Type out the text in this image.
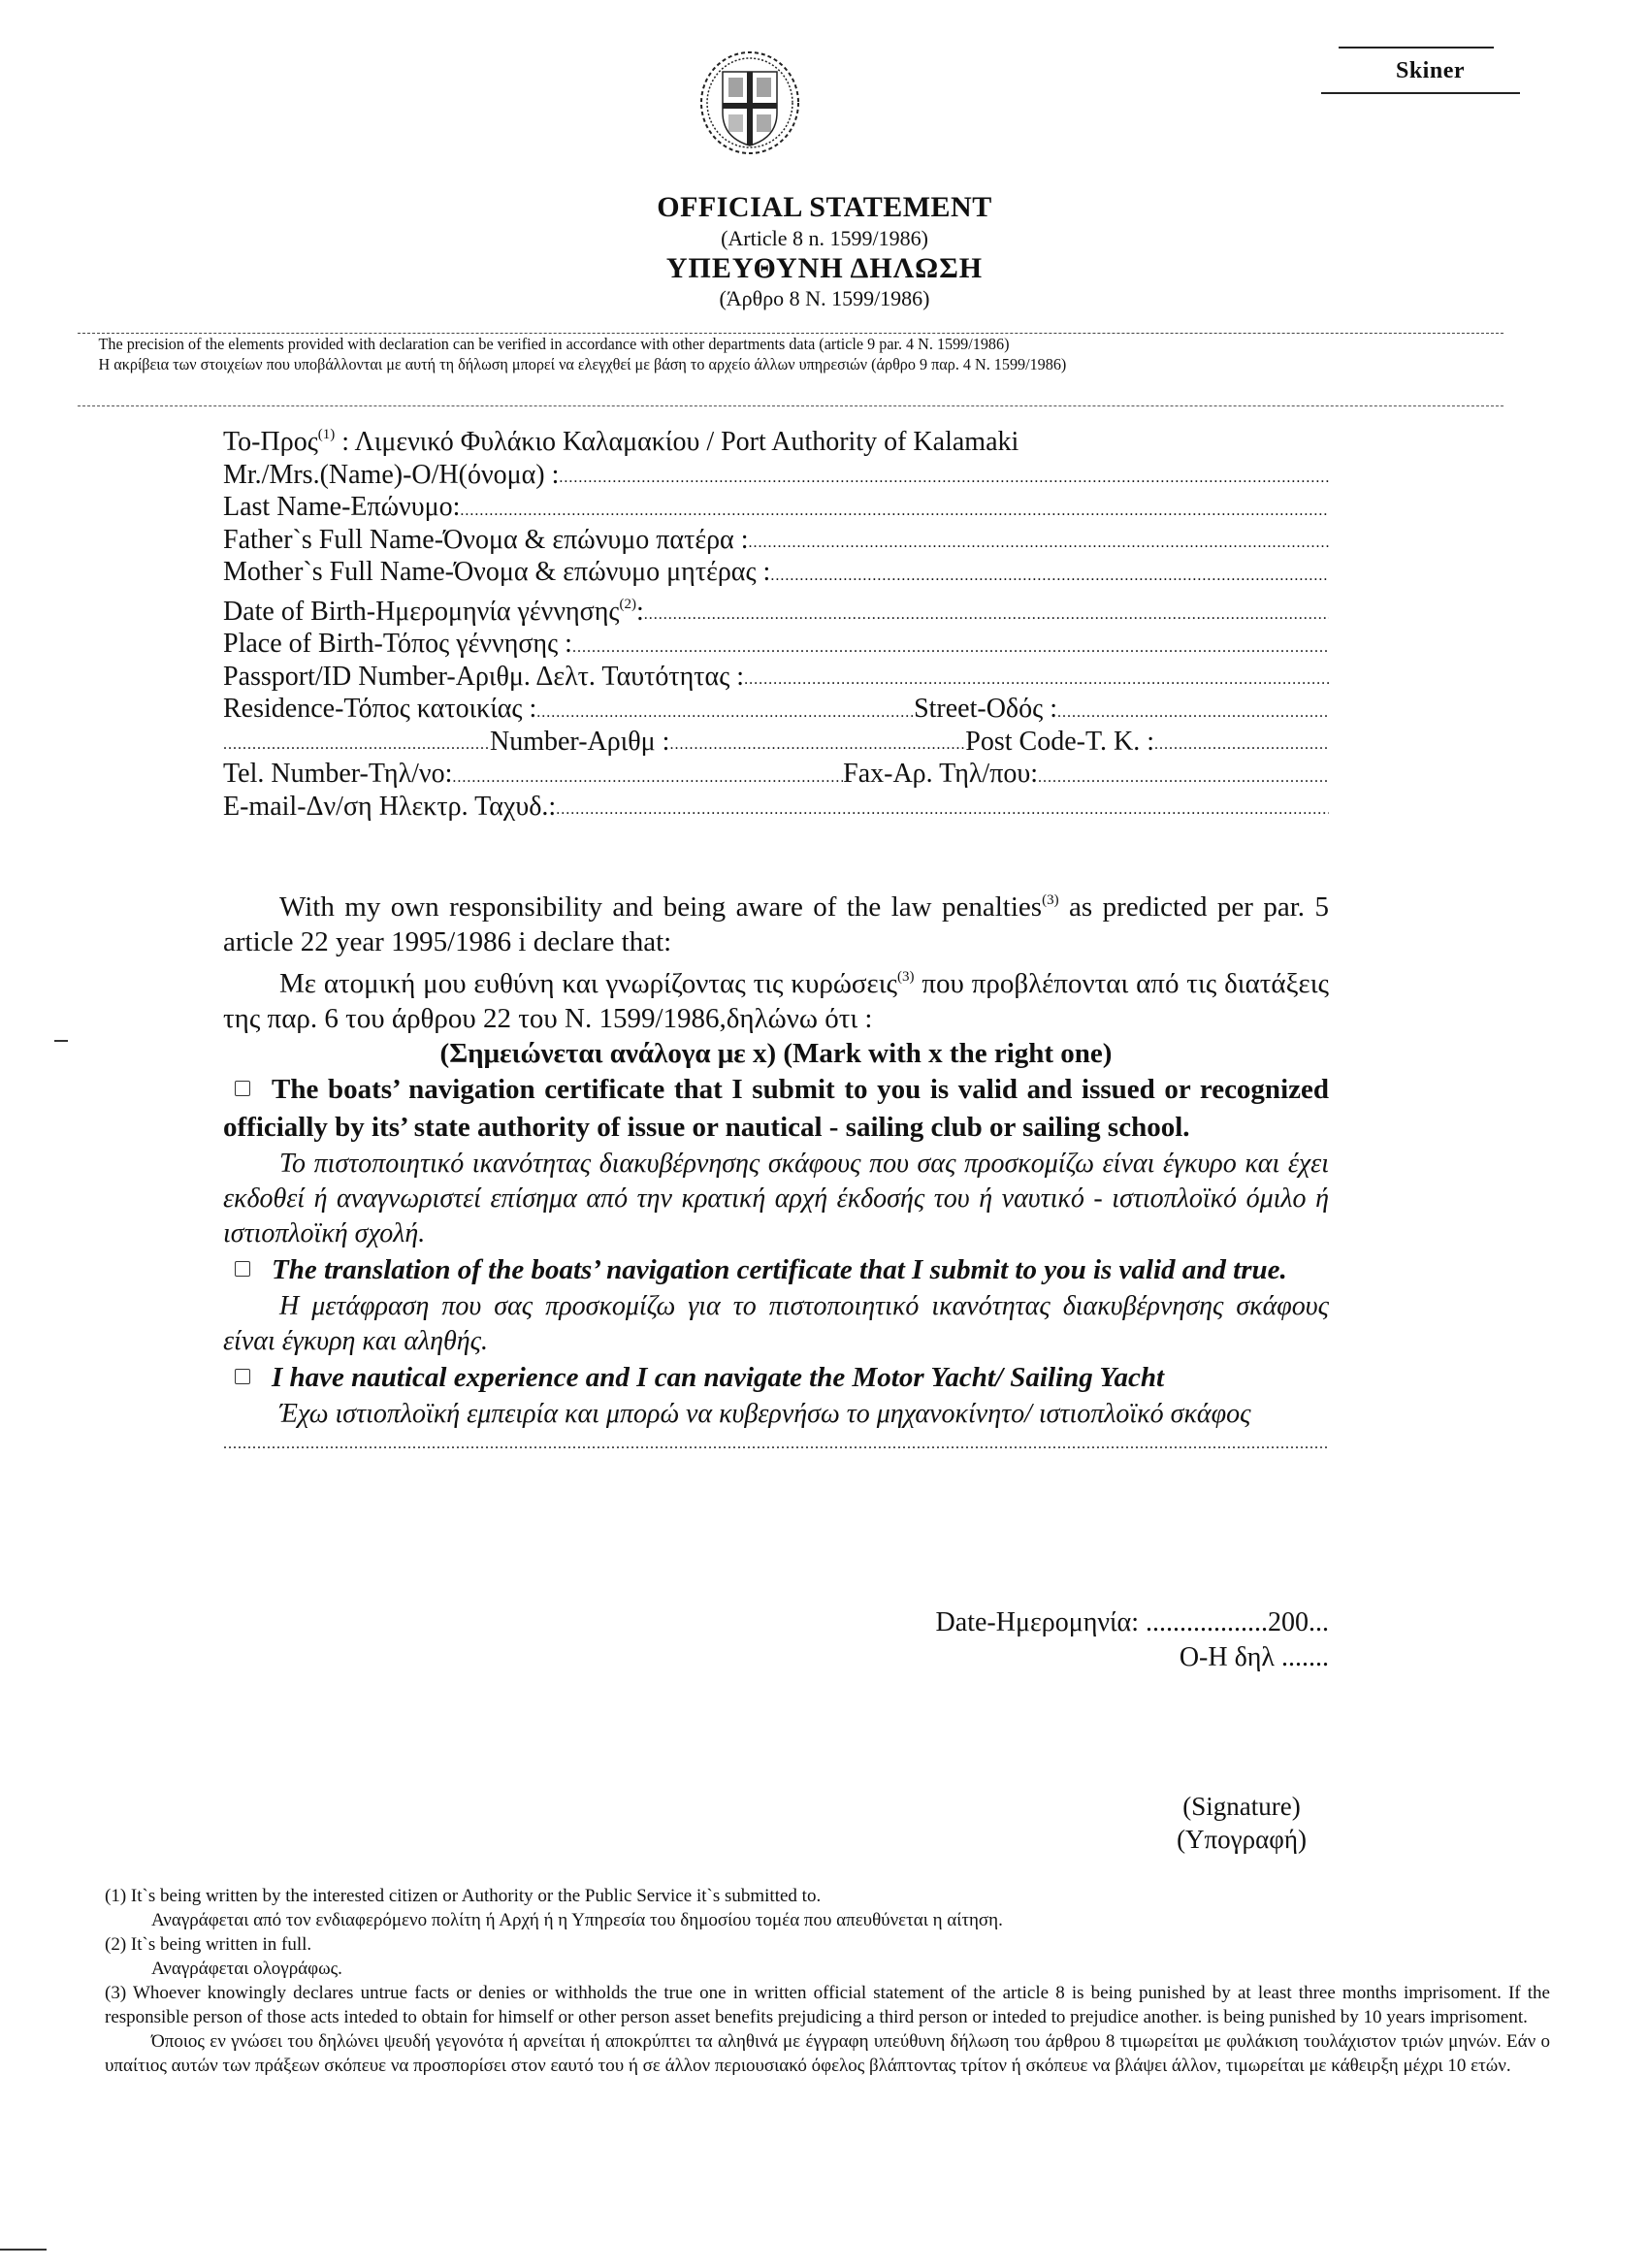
Skiner
OFFICIAL STATEMENT
(Article 8 n. 1599/1986)
ΥΠΕΥΘΥΝΗ ΔΗΛΩΣΗ
(Άρθρο 8 Ν. 1599/1986)
The precision of the elements provided with declaration can be verified in accordance with other departments data (article 9 par. 4 N. 1599/1986)
Η ακρίβεια των στοιχείων που υποβάλλονται με αυτή τη δήλωση μπορεί να ελεγχθεί με βάση το αρχείο άλλων υπηρεσιών (άρθρο 9 παρ. 4 Ν. 1599/1986)
Το-Προς$^{(1)}$ : Λιμενικό Φυλάκιο Καλαμακίου / Port Authority of Kalamaki
Mr./Mrs.(Name)-Ο/Η(όνομα) :
.....
Last Name-Επώνυμο:
.....
Father`s Full Name-Όνομα & επώνυμο πατέρα :
.....
Mother`s Full Name-Όνομα & επώνυμο μητέρας :
.....
Date of Birth-Ημερομηνία γέννησης$^{(2)}$:
.....
Place of Birth-Τόπος γέννησης :
.....
Passport/ID Number-Αριθμ. Δελτ. Ταυτότητας :
.....
Residence-Τόπος κατοικίας : .....	Street-Οδός :
.....
.....
Number-Αριθμ : .....	Post Code-Τ. Κ. :
.....
Tel. Number-Τηλ/νο: .....	Fax-Αρ. Τηλ/που:
.....
E-mail-Δν/ση Ηλεκτρ. Ταχυδ.:
.....
With my own responsibility and being aware of the law penalties$^{(3)}$ as predicted per par. 5 article 22 year 1995/1986 i declare that:
Με ατομική μου ευθύνη και γνωρίζοντας τις κυρώσεις$^{(3)}$ που προβλέπονται από τις διατάξεις της παρ. 6 του άρθρου 22 του Ν. 1599/1986,δηλώνω ότι :
(Σημειώνεται ανάλογα με x) (Mark with x the right one)
The boats’ navigation certificate that I submit to you is valid and issued or recognized officially by its’ state authority of issue or nautical - sailing club or sailing school.
Το πιστοποιητικό ικανότητας διακυβέρνησης σκάφους που σας προσκομίζω είναι έγκυρο και έχει εκδοθεί ή αναγνωριστεί επίσημα από την κρατική αρχή έκδοσής του ή ναυτικό - ιστιοπλοϊκό όμιλο ή ιστιοπλοϊκή σχολή.
The translation of the boats’ navigation certificate that I submit to you is valid and true.
Η μετάφραση που σας προσκομίζω για το πιστοποιητικό ικανότητας διακυβέρνησης σκάφους είναι έγκυρη και αληθής.
I have nautical experience and I can navigate the Motor Yacht/ Sailing Yacht
Έχω ιστιοπλοϊκή εμπειρία και μπορώ να κυβερνήσω το μηχανοκίνητο/ ιστιοπλοϊκό σκάφος
.....
Date-Ημερομηνία: ..................200...
Ο-Η δηλ .......
(Signature)
(Υπογραφή)
(1) It`s being written by the interested citizen or Authority or the Public Service it`s submitted to.
Αναγράφεται από τον ενδιαφερόμενο πολίτη ή Αρχή ή η Υπηρεσία του δημοσίου τομέα που απευθύνεται η αίτηση.
(2) It`s being written in full.
Αναγράφεται ολογράφως.
(3) Whoever knowingly declares untrue facts or denies or withholds the true one in written official statement of the article 8 is being punished by at least three months imprisoment. If the responsible person of those acts inteded to obtain for himself or other person asset benefits prejudicing a third person or inteded to prejudice another. is being punished by 10 years imprisoment.
Όποιος εν γνώσει του δηλώνει ψευδή γεγονότα ή αρνείται ή αποκρύπτει τα αληθινά με έγγραφη υπεύθυνη δήλωση του άρθρου 8 τιμωρείται με φυλάκιση τουλάχιστον τριών μηνών. Εάν ο υπαίτιος αυτών των πράξεων σκόπευε να προσπορίσει στον εαυτό του ή σε άλλον περιουσιακό όφελος βλάπτοντας τρίτον ή σκόπευε να βλάψει άλλον, τιμωρείται με κάθειρξη μέχρι 10 ετών.
